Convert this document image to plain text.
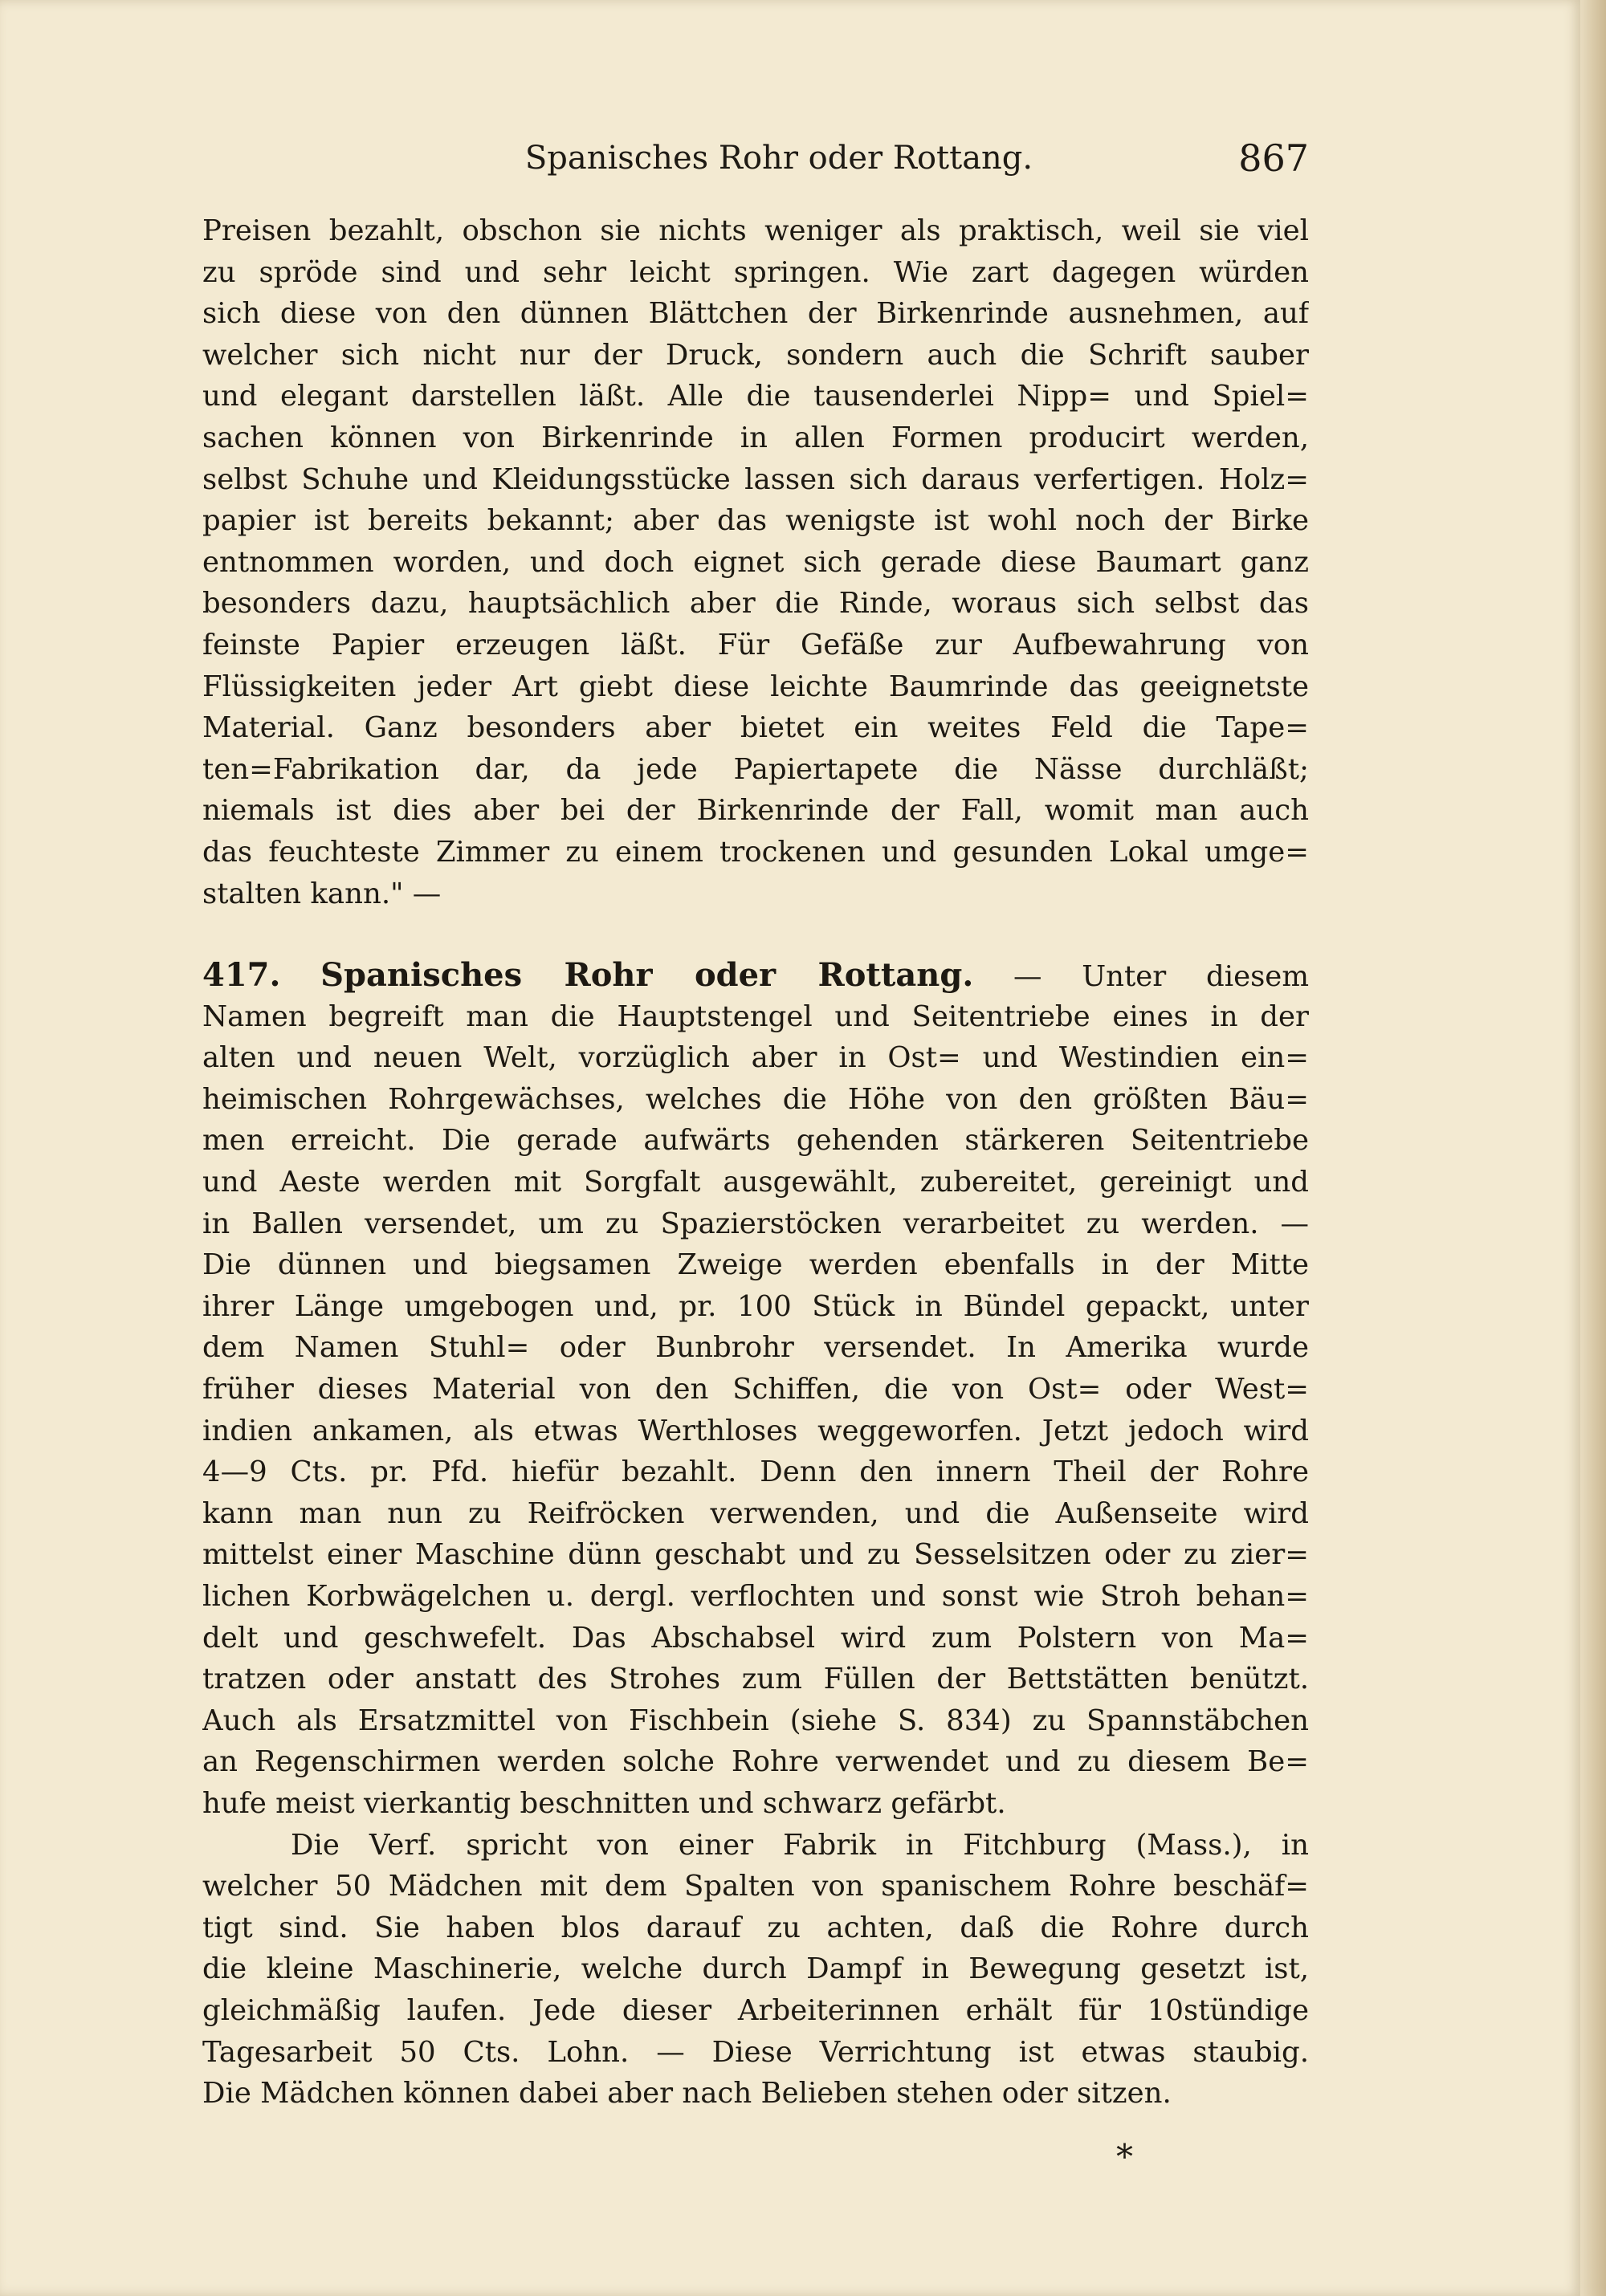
Spanisches Rohr oder Rottang.	867
Preisen bezahlt, obschon sie nichts weniger als praktisch, weil sie viel
zu spröde sind und sehr leicht springen. Wie zart dagegen würden
sich diese von den dünnen Blättchen der Birkenrinde ausnehmen, auf
welcher sich nicht nur der Druck, sondern auch die Schrift sauber
und elegant darstellen läßt. Alle die tausenderlei Nipp= und Spiel=
sachen können von Birkenrinde in allen Formen producirt werden,
selbst Schuhe und Kleidungsstücke lassen sich daraus verfertigen. Holz=
papier ist bereits bekannt; aber das wenigste ist wohl noch der Birke
entnommen worden, und doch eignet sich gerade diese Baumart ganz
besonders dazu, hauptsächlich aber die Rinde, woraus sich selbst das
feinste Papier erzeugen läßt. Für Gefäße zur Aufbewahrung von
Flüssigkeiten jeder Art giebt diese leichte Baumrinde das geeignetste
Material. Ganz besonders aber bietet ein weites Feld die Tape=
ten=Fabrikation dar, da jede Papiertapete die Nässe durchläßt;
niemals ist dies aber bei der Birkenrinde der Fall, womit man auch
das feuchteste Zimmer zu einem trockenen und gesunden Lokal umge=
stalten kann." —
417. Spanisches Rohr oder Rottang. — Unter diesem
Namen begreift man die Hauptstengel und Seitentriebe eines in der
alten und neuen Welt, vorzüglich aber in Ost= und Westindien ein=
heimischen Rohrgewächses, welches die Höhe von den größten Bäu=
men erreicht. Die gerade aufwärts gehenden stärkeren Seitentriebe
und Aeste werden mit Sorgfalt ausgewählt, zubereitet, gereinigt und
in Ballen versendet, um zu Spazierstöcken verarbeitet zu werden. —
Die dünnen und biegsamen Zweige werden ebenfalls in der Mitte
ihrer Länge umgebogen und, pr. 100 Stück in Bündel gepackt, unter
dem Namen Stuhl= oder Bunbrohr versendet. In Amerika wurde
früher dieses Material von den Schiffen, die von Ost= oder West=
indien ankamen, als etwas Werthloses weggeworfen. Jetzt jedoch wird
4—9 Cts. pr. Pfd. hiefür bezahlt. Denn den innern Theil der Rohre
kann man nun zu Reifröcken verwenden, und die Außenseite wird
mittelst einer Maschine dünn geschabt und zu Sesselsitzen oder zu zier=
lichen Korbwägelchen u. dergl. verflochten und sonst wie Stroh behan=
delt und geschwefelt. Das Abschabsel wird zum Polstern von Ma=
tratzen oder anstatt des Strohes zum Füllen der Bettstätten benützt.
Auch als Ersatzmittel von Fischbein (siehe S. 834) zu Spannstäbchen
an Regenschirmen werden solche Rohre verwendet und zu diesem Be=
hufe meist vierkantig beschnitten und schwarz gefärbt.
Die Verf. spricht von einer Fabrik in Fitchburg (Mass.), in
welcher 50 Mädchen mit dem Spalten von spanischem Rohre beschäf=
tigt sind. Sie haben blos darauf zu achten, daß die Rohre durch
die kleine Maschinerie, welche durch Dampf in Bewegung gesetzt ist,
gleichmäßig laufen. Jede dieser Arbeiterinnen erhält für 10stündige
Tagesarbeit 50 Cts. Lohn. — Diese Verrichtung ist etwas staubig.
Die Mädchen können dabei aber nach Belieben stehen oder sitzen.
*
